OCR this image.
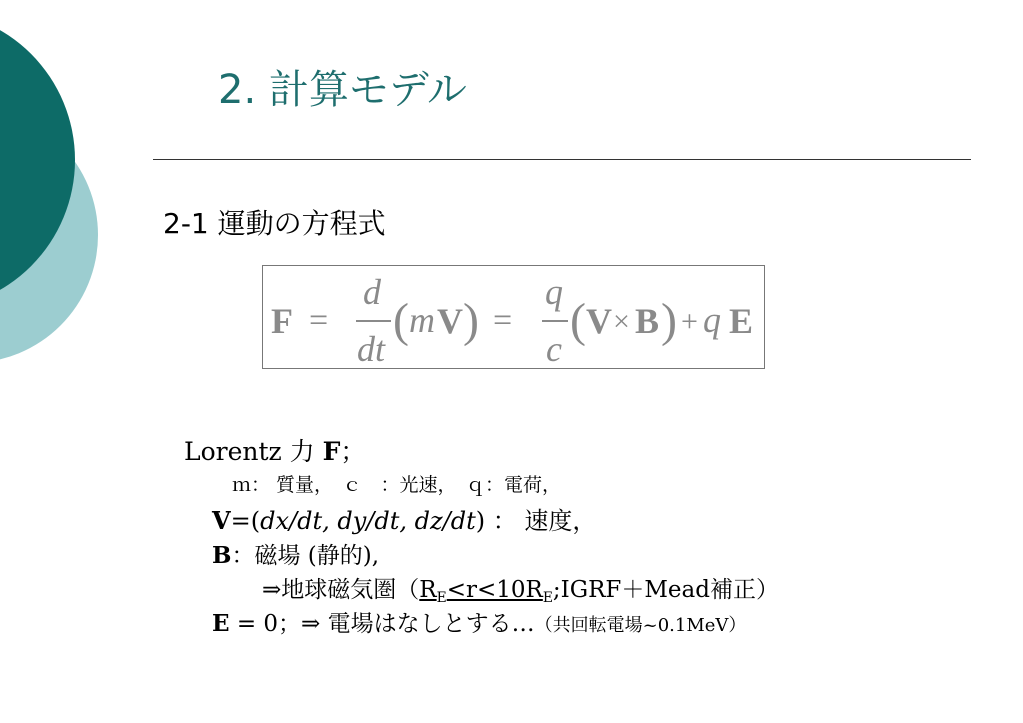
2. 計算モデル
2-1 運動の方程式
F =
d
dt
( m V ) =
q
c
( V × B ) + q E
Lorentz 力 F；
ｍ： 質量，　ｃ　：光速，　ｑ：電荷，
V=(dx/dt, dy/dt, dz/dt) ： 速度，
B：磁場 (静的),
⇒地球磁気圏（$R_E<r<10R_E;IGRF+Mead$補正）
E = 0；⇒ 電場はなしとする…（共回転電場~0.1MeV）
